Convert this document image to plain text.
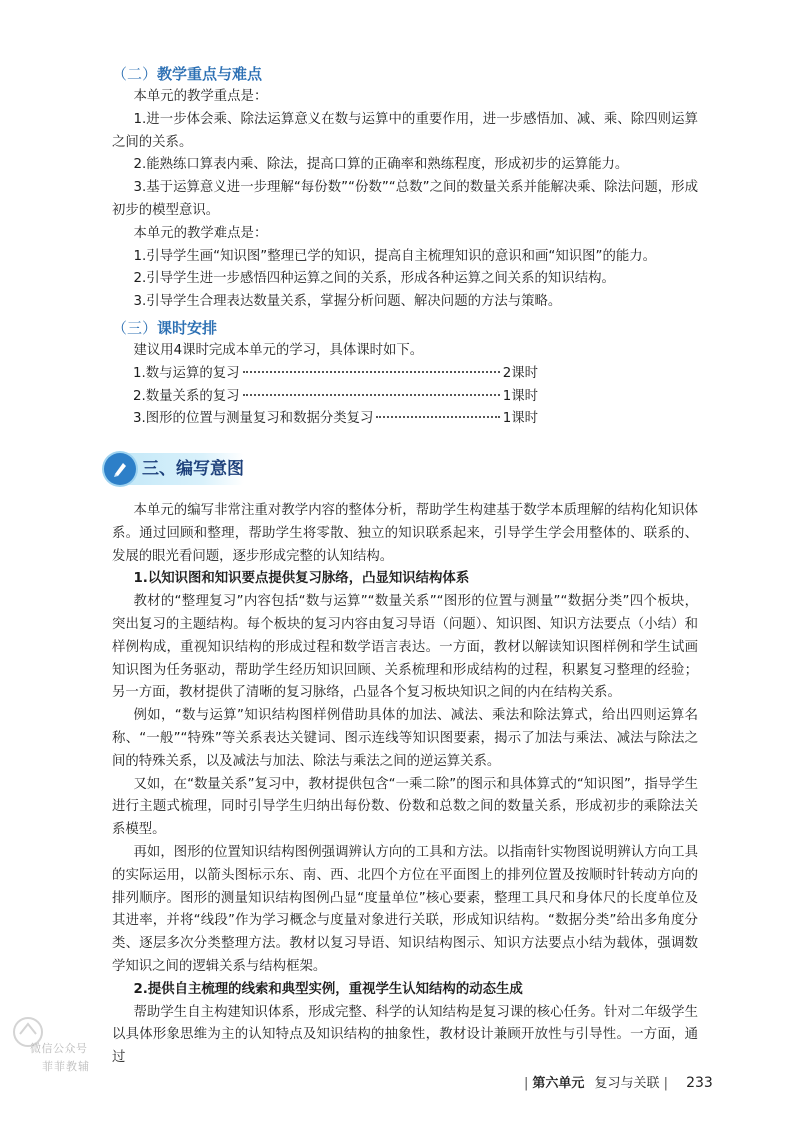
（二）教学重点与难点

本单元的教学重点是：

1.进一步体会乘、除法运算意义在数与运算中的重要作用，进一步感悟加、减、乘、除四则运算之间的关系。

2.能熟练口算表内乘、除法，提高口算的正确率和熟练程度，形成初步的运算能力。

3.基于运算意义进一步理解“每份数”“份数”“总数”之间的数量关系并能解决乘、除法问题，形成初步的模型意识。

本单元的教学难点是：

1.引导学生画“知识图”整理已学的知识，提高自主梳理知识的意识和画“知识图”的能力。

2.引导学生进一步感悟四种运算之间的关系，形成各种运算之间关系的知识结构。

3.引导学生合理表达数量关系，掌握分析问题、解决问题的方法与策略。

（三）课时安排

建议用4课时完成本单元的学习，具体课时如下。

1.数与运算的复习	2课时
2.数量关系的复习	1课时
3.图形的位置与测量复习和数据分类复习	1课时
三、编写意图

本单元的编写非常注重对教学内容的整体分析，帮助学生构建基于数学本质理解的结构化知识体系。通过回顾和整理，帮助学生将零散、独立的知识联系起来，引导学生学会用整体的、联系的、发展的眼光看问题，逐步形成完整的认知结构。

1.以知识图和知识要点提供复习脉络，凸显知识结构体系

教材的“整理复习”内容包括“数与运算”“数量关系”“图形的位置与测量”“数据分类”四个板块，突出复习的主题结构。每个板块的复习内容由复习导语（问题）、知识图、知识方法要点（小结）和样例构成，重视知识结构的形成过程和数学语言表达。一方面，教材以解读知识图样例和学生试画知识图为任务驱动，帮助学生经历知识回顾、关系梳理和形成结构的过程，积累复习整理的经验；另一方面，教材提供了清晰的复习脉络，凸显各个复习板块知识之间的内在结构关系。

例如，“数与运算”知识结构图样例借助具体的加法、减法、乘法和除法算式，给出四则运算名称、“一般”“特殊”等关系表达关键词、图示连线等知识图要素，揭示了加法与乘法、减法与除法之间的特殊关系，以及减法与加法、除法与乘法之间的逆运算关系。

又如，在“数量关系”复习中，教材提供包含“一乘二除”的图示和具体算式的“知识图”，指导学生进行主题式梳理，同时引导学生归纳出每份数、份数和总数之间的数量关系，形成初步的乘除法关系模型。

再如，图形的位置知识结构图例强调辨认方向的工具和方法。以指南针实物图说明辨认方向工具的实际运用，以箭头图标示东、南、西、北四个方位在平面图上的排列位置及按顺时针转动方向的排列顺序。图形的测量知识结构图例凸显“度量单位”核心要素，整理工具尺和身体尺的长度单位及其进率，并将“线段”作为学习概念与度量对象进行关联，形成知识结构。“数据分类”给出多角度分类、逐层多次分类整理方法。教材以复习导语、知识结构图示、知识方法要点小结为载体，强调数学知识之间的逻辑关系与结构框架。

2.提供自主梳理的线索和典型实例，重视学生认知结构的动态生成

帮助学生自主构建知识体系，形成完整、科学的认知结构是复习课的核心任务。针对二年级学生以具体形象思维为主的认知特点及知识结构的抽象性，教材设计兼顾开放性与引导性。一方面，通过

微信公众号
菲菲教辅
| 第六单元 复习与关联 | 233
